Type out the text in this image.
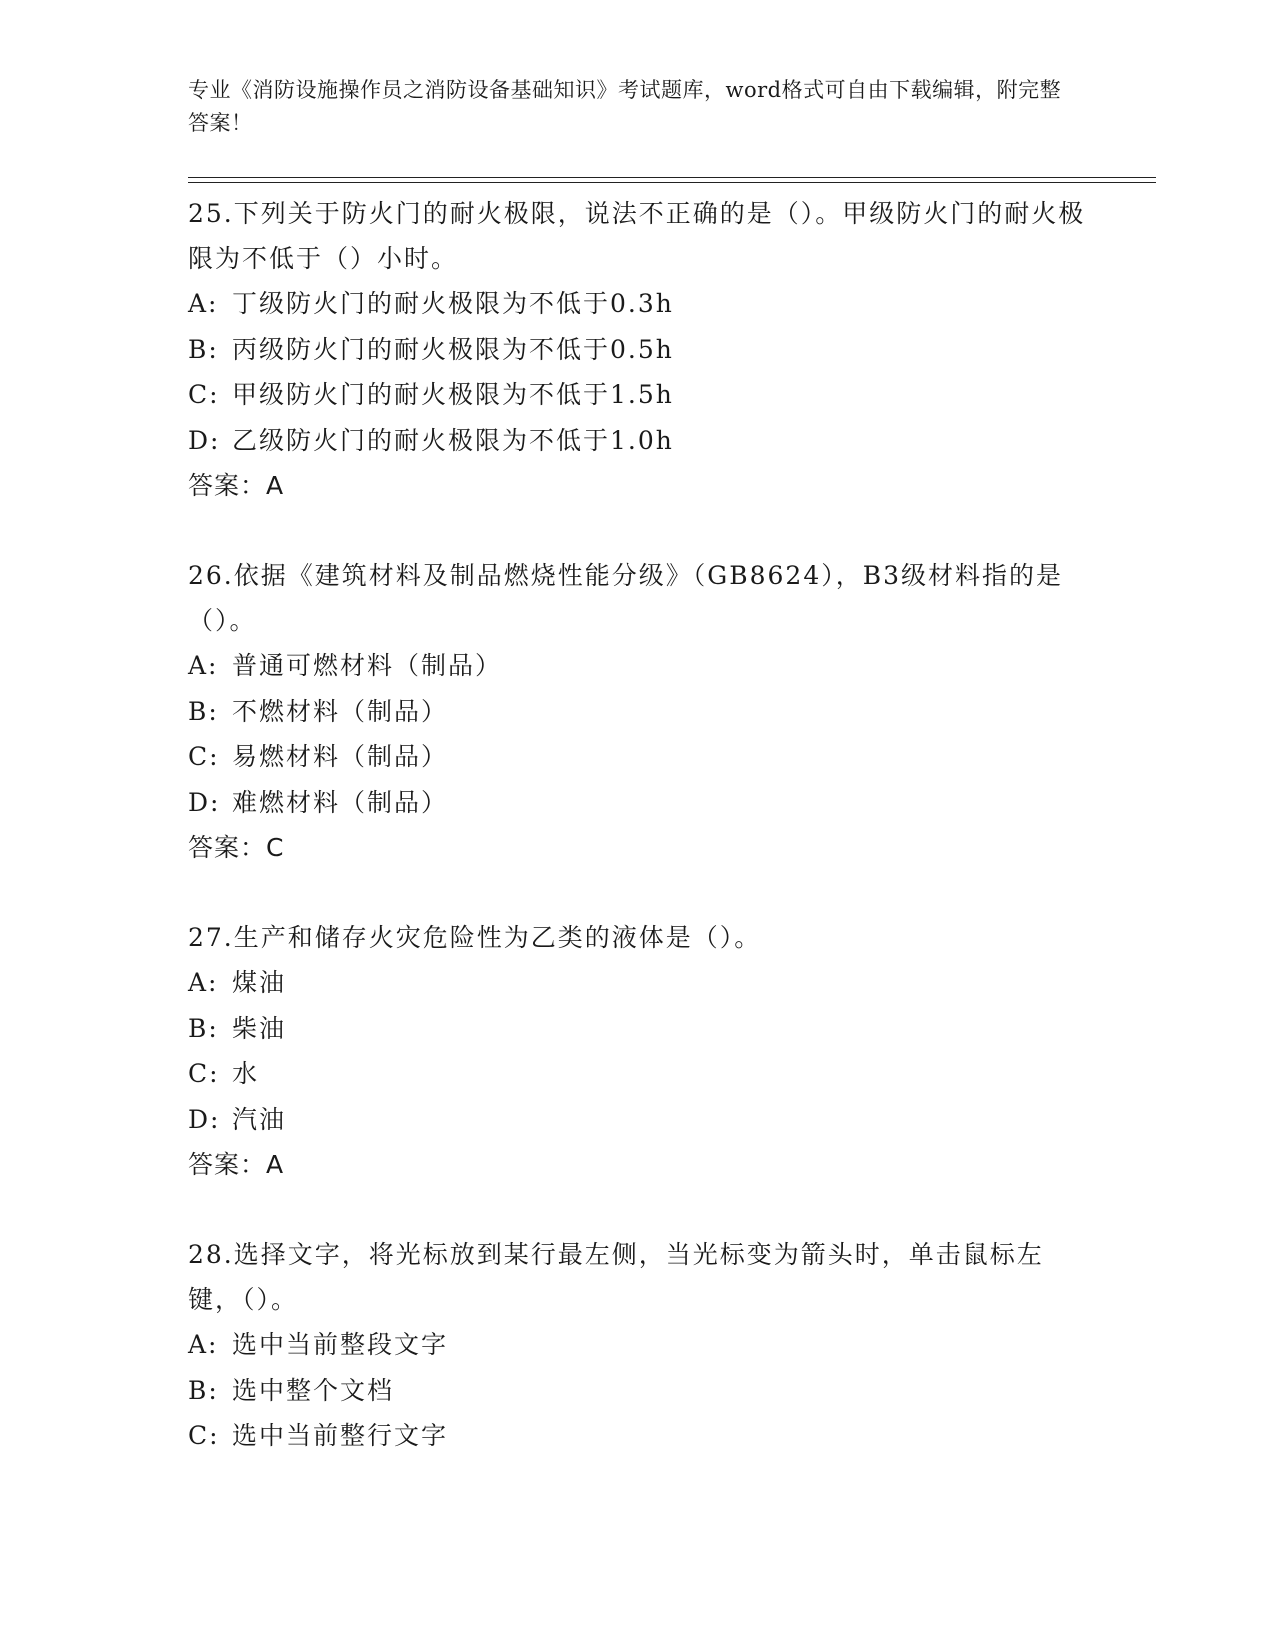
专业《消防设施操作员之消防设备基础知识》考试题库，word格式可自由下载编辑，附完整答案！
25.下列关于防火门的耐火极限，说法不正确的是（）。甲级防火门的耐火极限为不低于（）小时。
A: 丁级防火门的耐火极限为不低于0.3h
B: 丙级防火门的耐火极限为不低于0.5h
C: 甲级防火门的耐火极限为不低于1.5h
D: 乙级防火门的耐火极限为不低于1.0h
答案：A
26.依据《建筑材料及制品燃烧性能分级》（GB8624），B3级材料指的是（）。
A: 普通可燃材料（制品）
B: 不燃材料（制品）
C: 易燃材料（制品）
D: 难燃材料（制品）
答案：C
27.生产和储存火灾危险性为乙类的液体是（）。
A: 煤油
B: 柴油
C: 水
D: 汽油
答案：A
28.选择文字，将光标放到某行最左侧，当光标变为箭头时，单击鼠标左键，（）。
A: 选中当前整段文字
B: 选中整个文档
C: 选中当前整行文字
